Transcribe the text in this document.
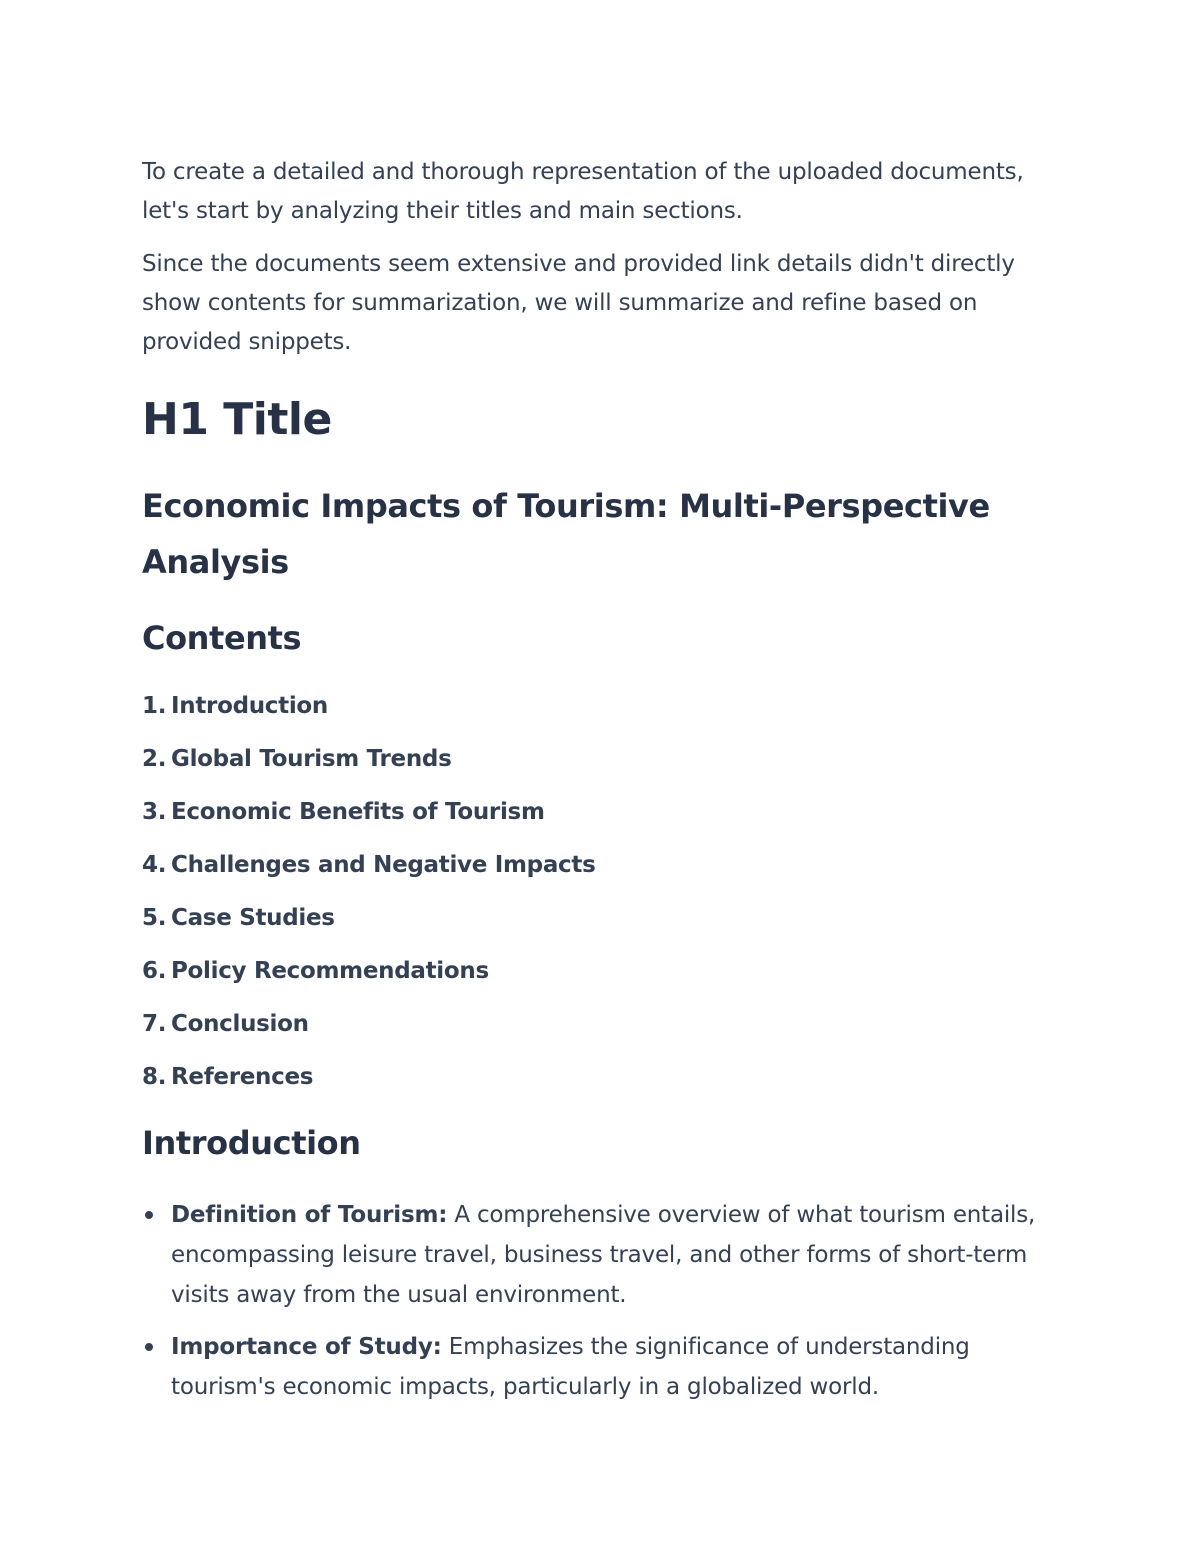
To create a detailed and thorough representation of the uploaded documents, let's start by analyzing their titles and main sections.

Since the documents seem extensive and provided link details didn't directly show contents for summarization, we will summarize and refine based on provided snippets.

H1 Title
Economic Impacts of Tourism: Multi-Perspective Analysis
Contents
1. Introduction
2. Global Tourism Trends
3. Economic Benefits of Tourism
4. Challenges and Negative Impacts
5. Case Studies
6. Policy Recommendations
7. Conclusion
8. References
Introduction
Definition of Tourism: A comprehensive overview of what tourism entails, encompassing leisure travel, business travel, and other forms of short-term visits away from the usual environment.
Importance of Study: Emphasizes the significance of understanding tourism's economic impacts, particularly in a globalized world.
